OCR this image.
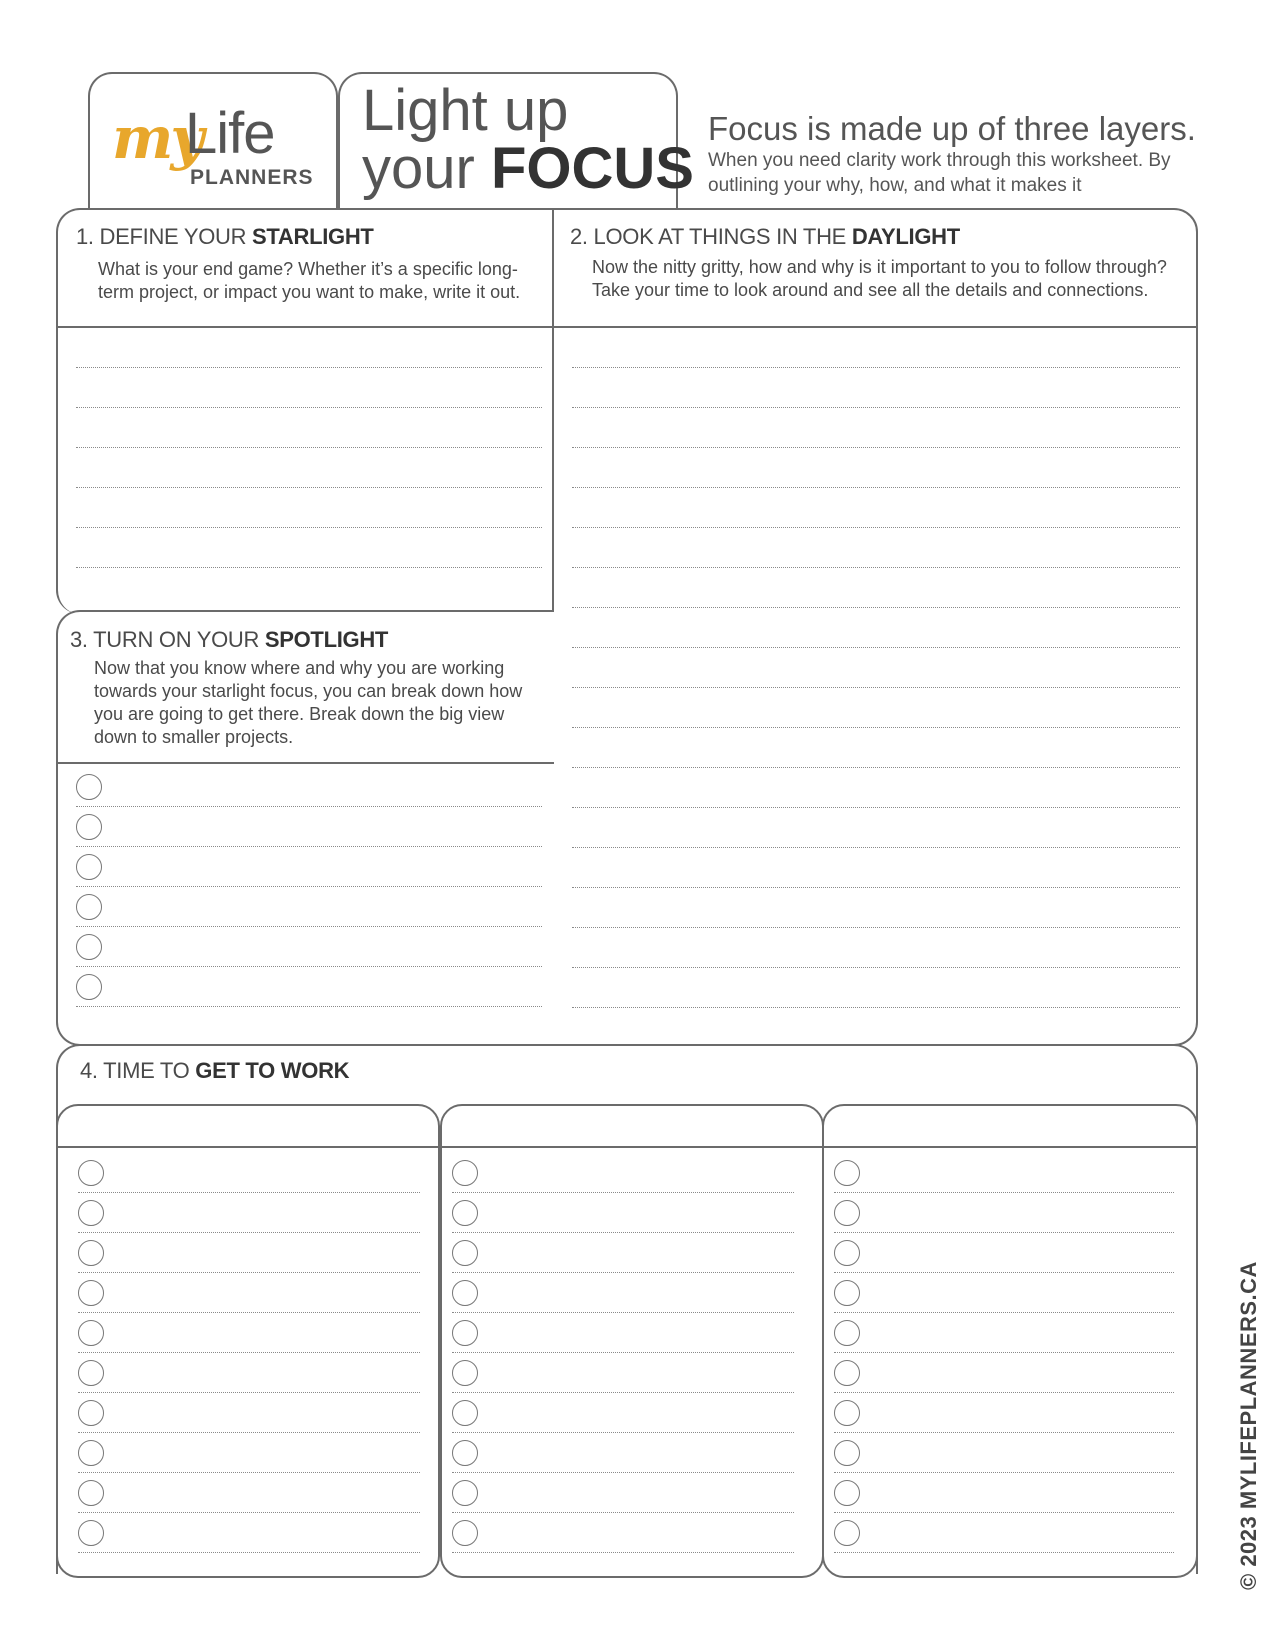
my
Life
PLANNERS
Light up
your FOCUS
Focus is made up of three layers.
When you need clarity work through this worksheet. By outlining your why, how, and what it makes it
1. DEFINE YOUR STARLIGHT
What is your end game? Whether it’s a specific long-term project, or impact you want to make, write it out.
2. LOOK AT THINGS IN THE DAYLIGHT
Now the nitty gritty, how and why is it important to you to follow through? Take your time to look around and see all the details and connections.
3. TURN ON YOUR SPOTLIGHT
Now that you know where and why you are working towards your starlight focus, you can break down how you are going to get there. Break down the big view down to smaller projects.
4. TIME TO GET TO WORK
© 2023 MYLIFEPLANNERS.CA
